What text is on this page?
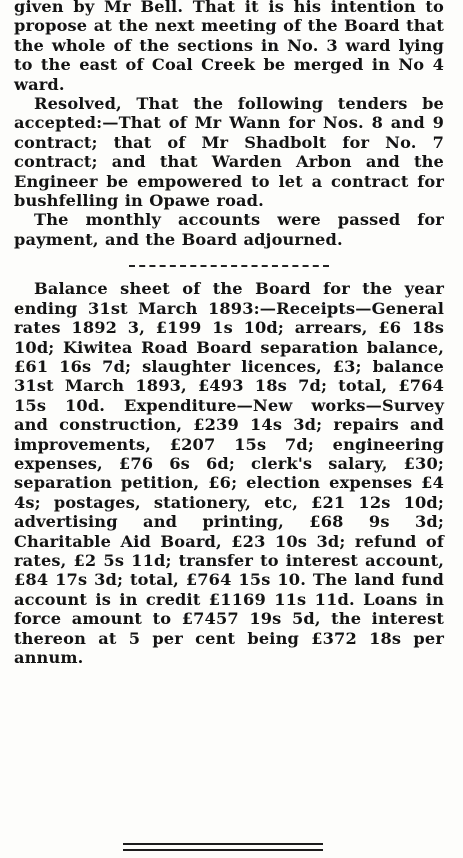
given by Mr Bell. That it is his intention to propose at the next meeting of the Board that the whole of the sections in No. 3 ward lying to the east of Coal Creek be merged in No 4 ward.

Resolved, That the following tenders be accepted:—That of Mr Wann for Nos. 8 and 9 contract; that of Mr Shadbolt for No. 7 contract; and that Warden Arbon and the Engineer be empowered to let a contract for bushfelling in Opawe road.

The monthly accounts were passed for payment, and the Board adjourned.

Balance sheet of the Board for the year ending 31st March 1893:—Receipts—General rates 1892 3, £199 1s 10d; arrears, £6 18s 10d; Kiwitea Road Board separation balance, £61 16s 7d; slaughter licences, £3; balance 31st March 1893, £493 18s 7d; total, £764 15s 10d. Expenditure—New works—Survey and construction, £239 14s 3d; repairs and improvements, £207 15s 7d; engineering expenses, £76 6s 6d; clerk's salary, £30; separation petition, £6; election expenses £4 4s; postages, stationery, etc, £21 12s 10d; advertising and printing, £68 9s 3d; Charitable Aid Board, £23 10s 3d; refund of rates, £2 5s 11d; transfer to interest account, £84 17s 3d; total, £764 15s 10. The land fund account is in credit £1169 11s 11d. Loans in force amount to £7457 19s 5d, the interest thereon at 5 per cent being £372 18s per annum.
